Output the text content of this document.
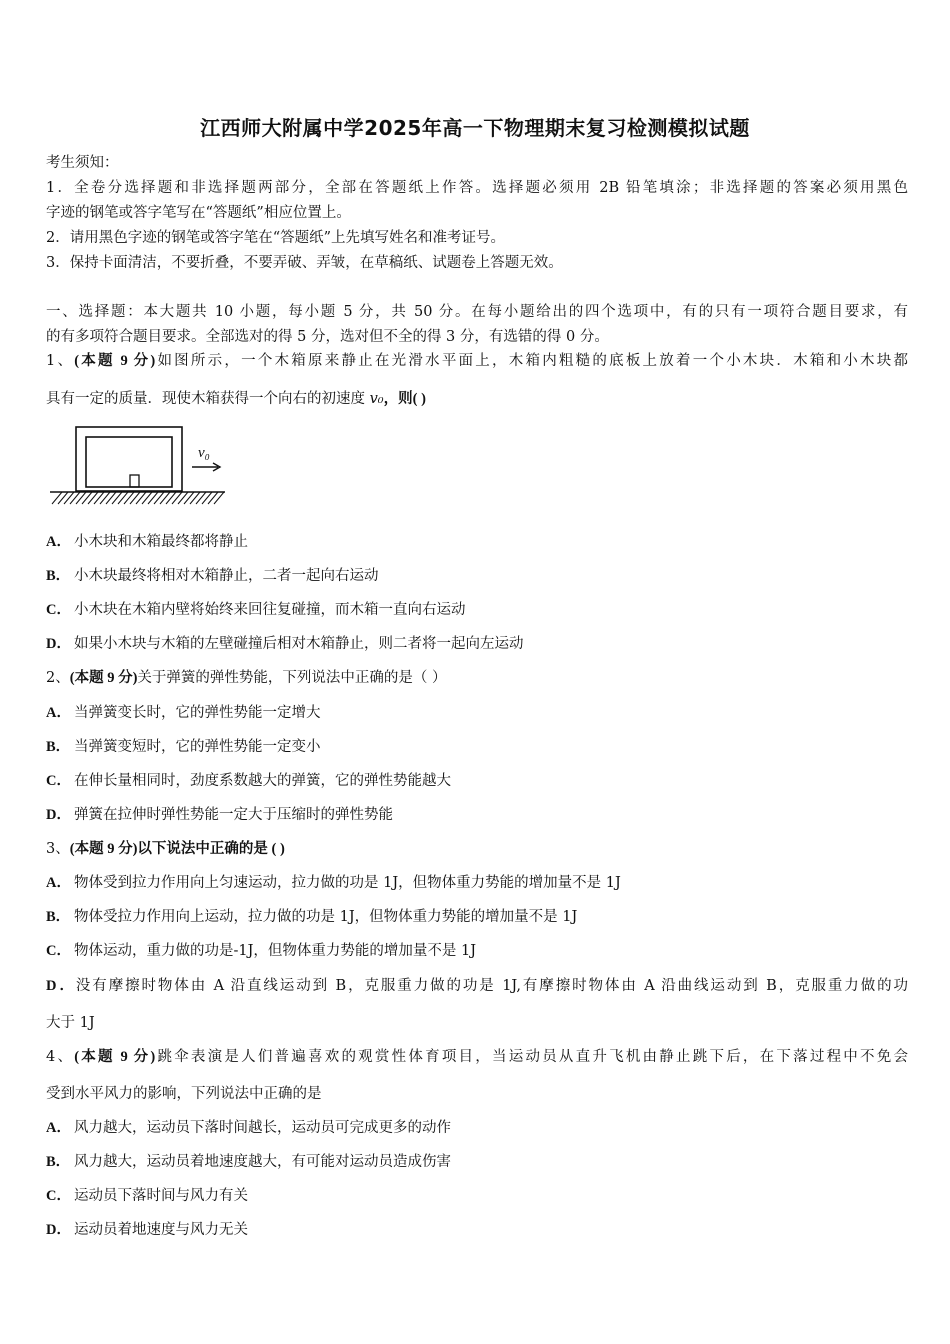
江西师大附属中学2025年高一下物理期末复习检测模拟试题
考生须知：
1．全卷分选择题和非选择题两部分，全部在答题纸上作答。选择题必须用 2B 铅笔填涂；非选择题的答案必须用黑色
字迹的钢笔或答字笔写在“答题纸”相应位置上。
2．请用黑色字迹的钢笔或答字笔在“答题纸”上先填写姓名和准考证号。
3．保持卡面清洁，不要折叠，不要弄破、弄皱，在草稿纸、试题卷上答题无效。
一、选择题：本大题共 10 小题，每小题 5 分，共 50 分。在每小题给出的四个选项中，有的只有一项符合题目要求，有
的有多项符合题目要求。全部选对的得 5 分，选对但不全的得 3 分，有选错的得 0 分。
1、(本题 9 分)如图所示，一个木箱原来静止在光滑水平面上，木箱内粗糙的底板上放着一个小木块．木箱和小木块都
具有一定的质量．现使木箱获得一个向右的初速度 v₀，则( )
v₀
A． 小木块和木箱最终都将静止
B． 小木块最终将相对木箱静止，二者一起向右运动
C． 小木块在木箱内壁将始终来回往复碰撞，而木箱一直向右运动
D． 如果小木块与木箱的左壁碰撞后相对木箱静止，则二者将一起向左运动
2、(本题 9 分)关于弹簧的弹性势能，下列说法中正确的是（ ）
A． 当弹簧变长时，它的弹性势能一定增大
B． 当弹簧变短时，它的弹性势能一定变小
C． 在伸长量相同时，劲度系数越大的弹簧，它的弹性势能越大
D． 弹簧在拉伸时弹性势能一定大于压缩时的弹性势能
3、(本题 9 分)以下说法中正确的是 ( )
A． 物体受到拉力作用向上匀速运动，拉力做的功是 1J，但物体重力势能的增加量不是 1J
B． 物体受拉力作用向上运动，拉力做的功是 1J，但物体重力势能的增加量不是 1J
C． 物体运动，重力做的功是-1J，但物体重力势能的增加量不是 1J
D．没有摩擦时物体由 A 沿直线运动到 B，克服重力做的功是 1J,有摩擦时物体由 A 沿曲线运动到 B，克服重力做的功
大于 1J
4、(本题 9 分)跳伞表演是人们普遍喜欢的观赏性体育项目，当运动员从直升飞机由静止跳下后，在下落过程中不免会
受到水平风力的影响，下列说法中正确的是
A． 风力越大，运动员下落时间越长，运动员可完成更多的动作
B． 风力越大，运动员着地速度越大，有可能对运动员造成伤害
C． 运动员下落时间与风力有关
D． 运动员着地速度与风力无关
